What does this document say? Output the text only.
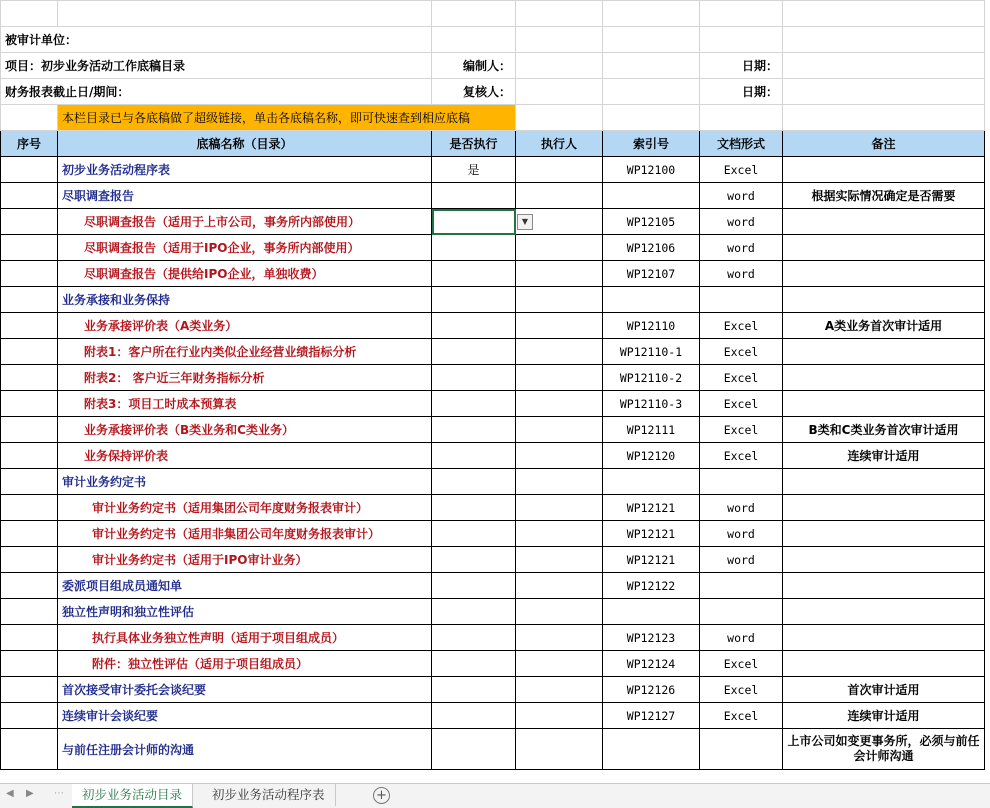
被审计单位：						
项目：初步业务活动工作底稿目录		编制人：			日期：	
财务报表截止日/期间：		复核人：			日期：	
	本栏目录已与各底稿做了超级链接，单击各底稿名称，即可快速查到相应底稿					
序号	底稿名称（目录）	是否执行	执行人	索引号	文档形式	备注
	初步业务活动程序表	是		WP12100	Excel	
	尽职调查报告				word	根据实际情况确定是否需要
	尽职调查报告（适用于上市公司，事务所内部使用）	▼		WP12105	word	
	尽职调查报告（适用于IPO企业，事务所内部使用）			WP12106	word	
	尽职调查报告（提供给IPO企业，单独收费）			WP12107	word	
	业务承接和业务保持					
	业务承接评价表（A类业务）			WP12110	Excel	A类业务首次审计适用
	附表1：客户所在行业内类似企业经营业绩指标分析			WP12110-1	Excel	
	附表2： 客户近三年财务指标分析			WP12110-2	Excel	
	附表3：项目工时成本预算表			WP12110-3	Excel	
	业务承接评价表（B类业务和C类业务）			WP12111	Excel	B类和C类业务首次审计适用
	业务保持评价表			WP12120	Excel	连续审计适用
	审计业务约定书					
	审计业务约定书（适用集团公司年度财务报表审计）			WP12121	word	
	审计业务约定书（适用非集团公司年度财务报表审计）			WP12121	word	
	审计业务约定书（适用于IPO审计业务）			WP12121	word	
	委派项目组成员通知单			WP12122		
	独立性声明和独立性评估					
	执行具体业务独立性声明（适用于项目组成员）			WP12123	word	
	附件：独立性评估（适用于项目组成员）			WP12124	Excel	
	首次接受审计委托会谈纪要			WP12126	Excel	首次审计适用
	连续审计会谈纪要			WP12127	Excel	连续审计适用
	与前任注册会计师的沟通					上市公司如变更事务所，必须与前任会计师沟通
◀ ▶ ⋯	初步业务活动目录	初步业务活动程序表	+
